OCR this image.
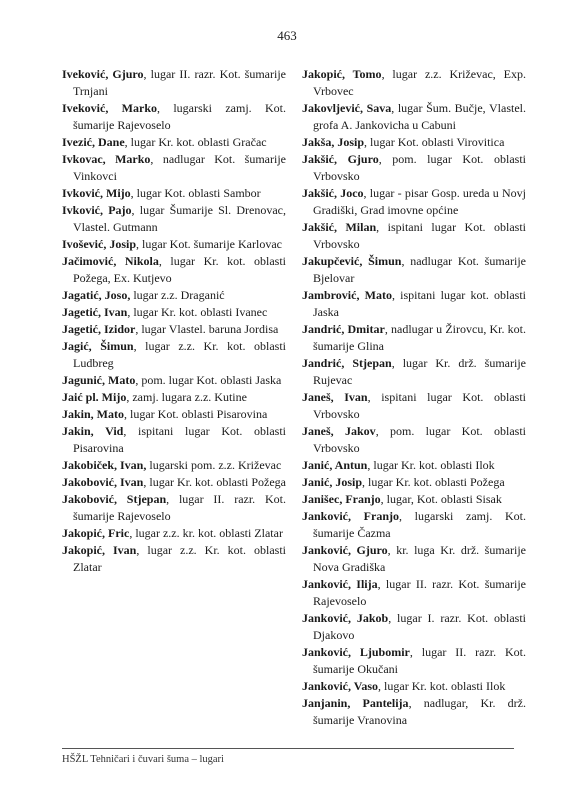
463

Iveković, Gjuro, lugar II. razr. Kot. šumarije Trnjani

Iveković, Marko, lugarski zamj. Kot. šumarije Rajevoselo

Ivezić, Dane, lugar Kr. kot. oblasti Gračac

Ivkovac, Marko, nadlugar Kot. šumarije Vinkovci

Ivković, Mijo, lugar Kot. oblasti Sambor

Ivković, Pajo, lugar Šumarije Sl. Drenovac, Vlastel. Gutmann

Ivošević, Josip, lugar Kot. šumarije Karlovac

Jačimović, Nikola, lugar Kr. kot. oblasti Požega, Ex. Kutjevo

Jagatić, Joso, lugar z.z. Draganić

Jagetić, Ivan, lugar Kr. kot. oblasti Ivanec

Jagetić, Izidor, lugar Vlastel. baruna Jordisa

Jagić, Šimun, lugar z.z. Kr. kot. oblasti Ludbreg

Jagunić, Mato, pom. lugar Kot. oblasti Jaska

Jaić pl. Mijo, zamj. lugara z.z. Kutine

Jakin, Mato, lugar Kot. oblasti Pisarovina

Jakin, Vid, ispitani lugar Kot. oblasti Pisarovina

Jakobiček, Ivan, lugarski pom. z.z. Križevac

Jakobović, Ivan, lugar Kr. kot. oblasti Požega

Jakobović, Stjepan, lugar II. razr. Kot. šumarije Rajevoselo

Jakopić, Fric, lugar z.z. kr. kot. oblasti Zlatar

Jakopić, Ivan, lugar z.z. Kr. kot. oblasti Zlatar

Jakopić, Tomo, lugar z.z. Križevac, Exp. Vrbovec

Jakovljević, Sava, lugar Šum. Bučje, Vlastel. grofa A. Jankovicha u Cabuni

Jakša, Josip, lugar Kot. oblasti Virovitica

Jakšić, Gjuro, pom. lugar Kot. oblasti Vrbovsko

Jakšić, Joco, lugar - pisar Gosp. ureda u Novj Gradiški, Grad imovne općine

Jakšić, Milan, ispitani lugar Kot. oblasti Vrbovsko

Jakupčević, Šimun, nadlugar Kot. šumarije Bjelovar

Jambrović, Mato, ispitani lugar kot. oblasti Jaska

Jandrić, Dmitar, nadlugar u Žirovcu, Kr. kot. šumarije Glina

Jandrić, Stjepan, lugar Kr. drž. šumarije Rujevac

Janeš, Ivan, ispitani lugar Kot. oblasti Vrbovsko

Janeš, Jakov, pom. lugar Kot. oblasti Vrbovsko

Janić, Antun, lugar Kr. kot. oblasti Ilok

Janić, Josip, lugar Kr. kot. oblasti Požega

Janišec, Franjo, lugar, Kot. oblasti Sisak

Janković, Franjo, lugarski zamj. Kot. šumarije Čazma

Janković, Gjuro, kr. luga Kr. drž. šumarije Nova Gradiška

Janković, Ilija, lugar II. razr. Kot. šumarije Rajevoselo

Janković, Jakob, lugar I. razr. Kot. oblasti Djakovo

Janković, Ljubomir, lugar II. razr. Kot. šumarije Okučani

Janković, Vaso, lugar Kr. kot. oblasti Ilok

Janjanin, Pantelija, nadlugar, Kr. drž. šumarije Vranovina

HŠŽL Tehničari i čuvari šuma – lugari
